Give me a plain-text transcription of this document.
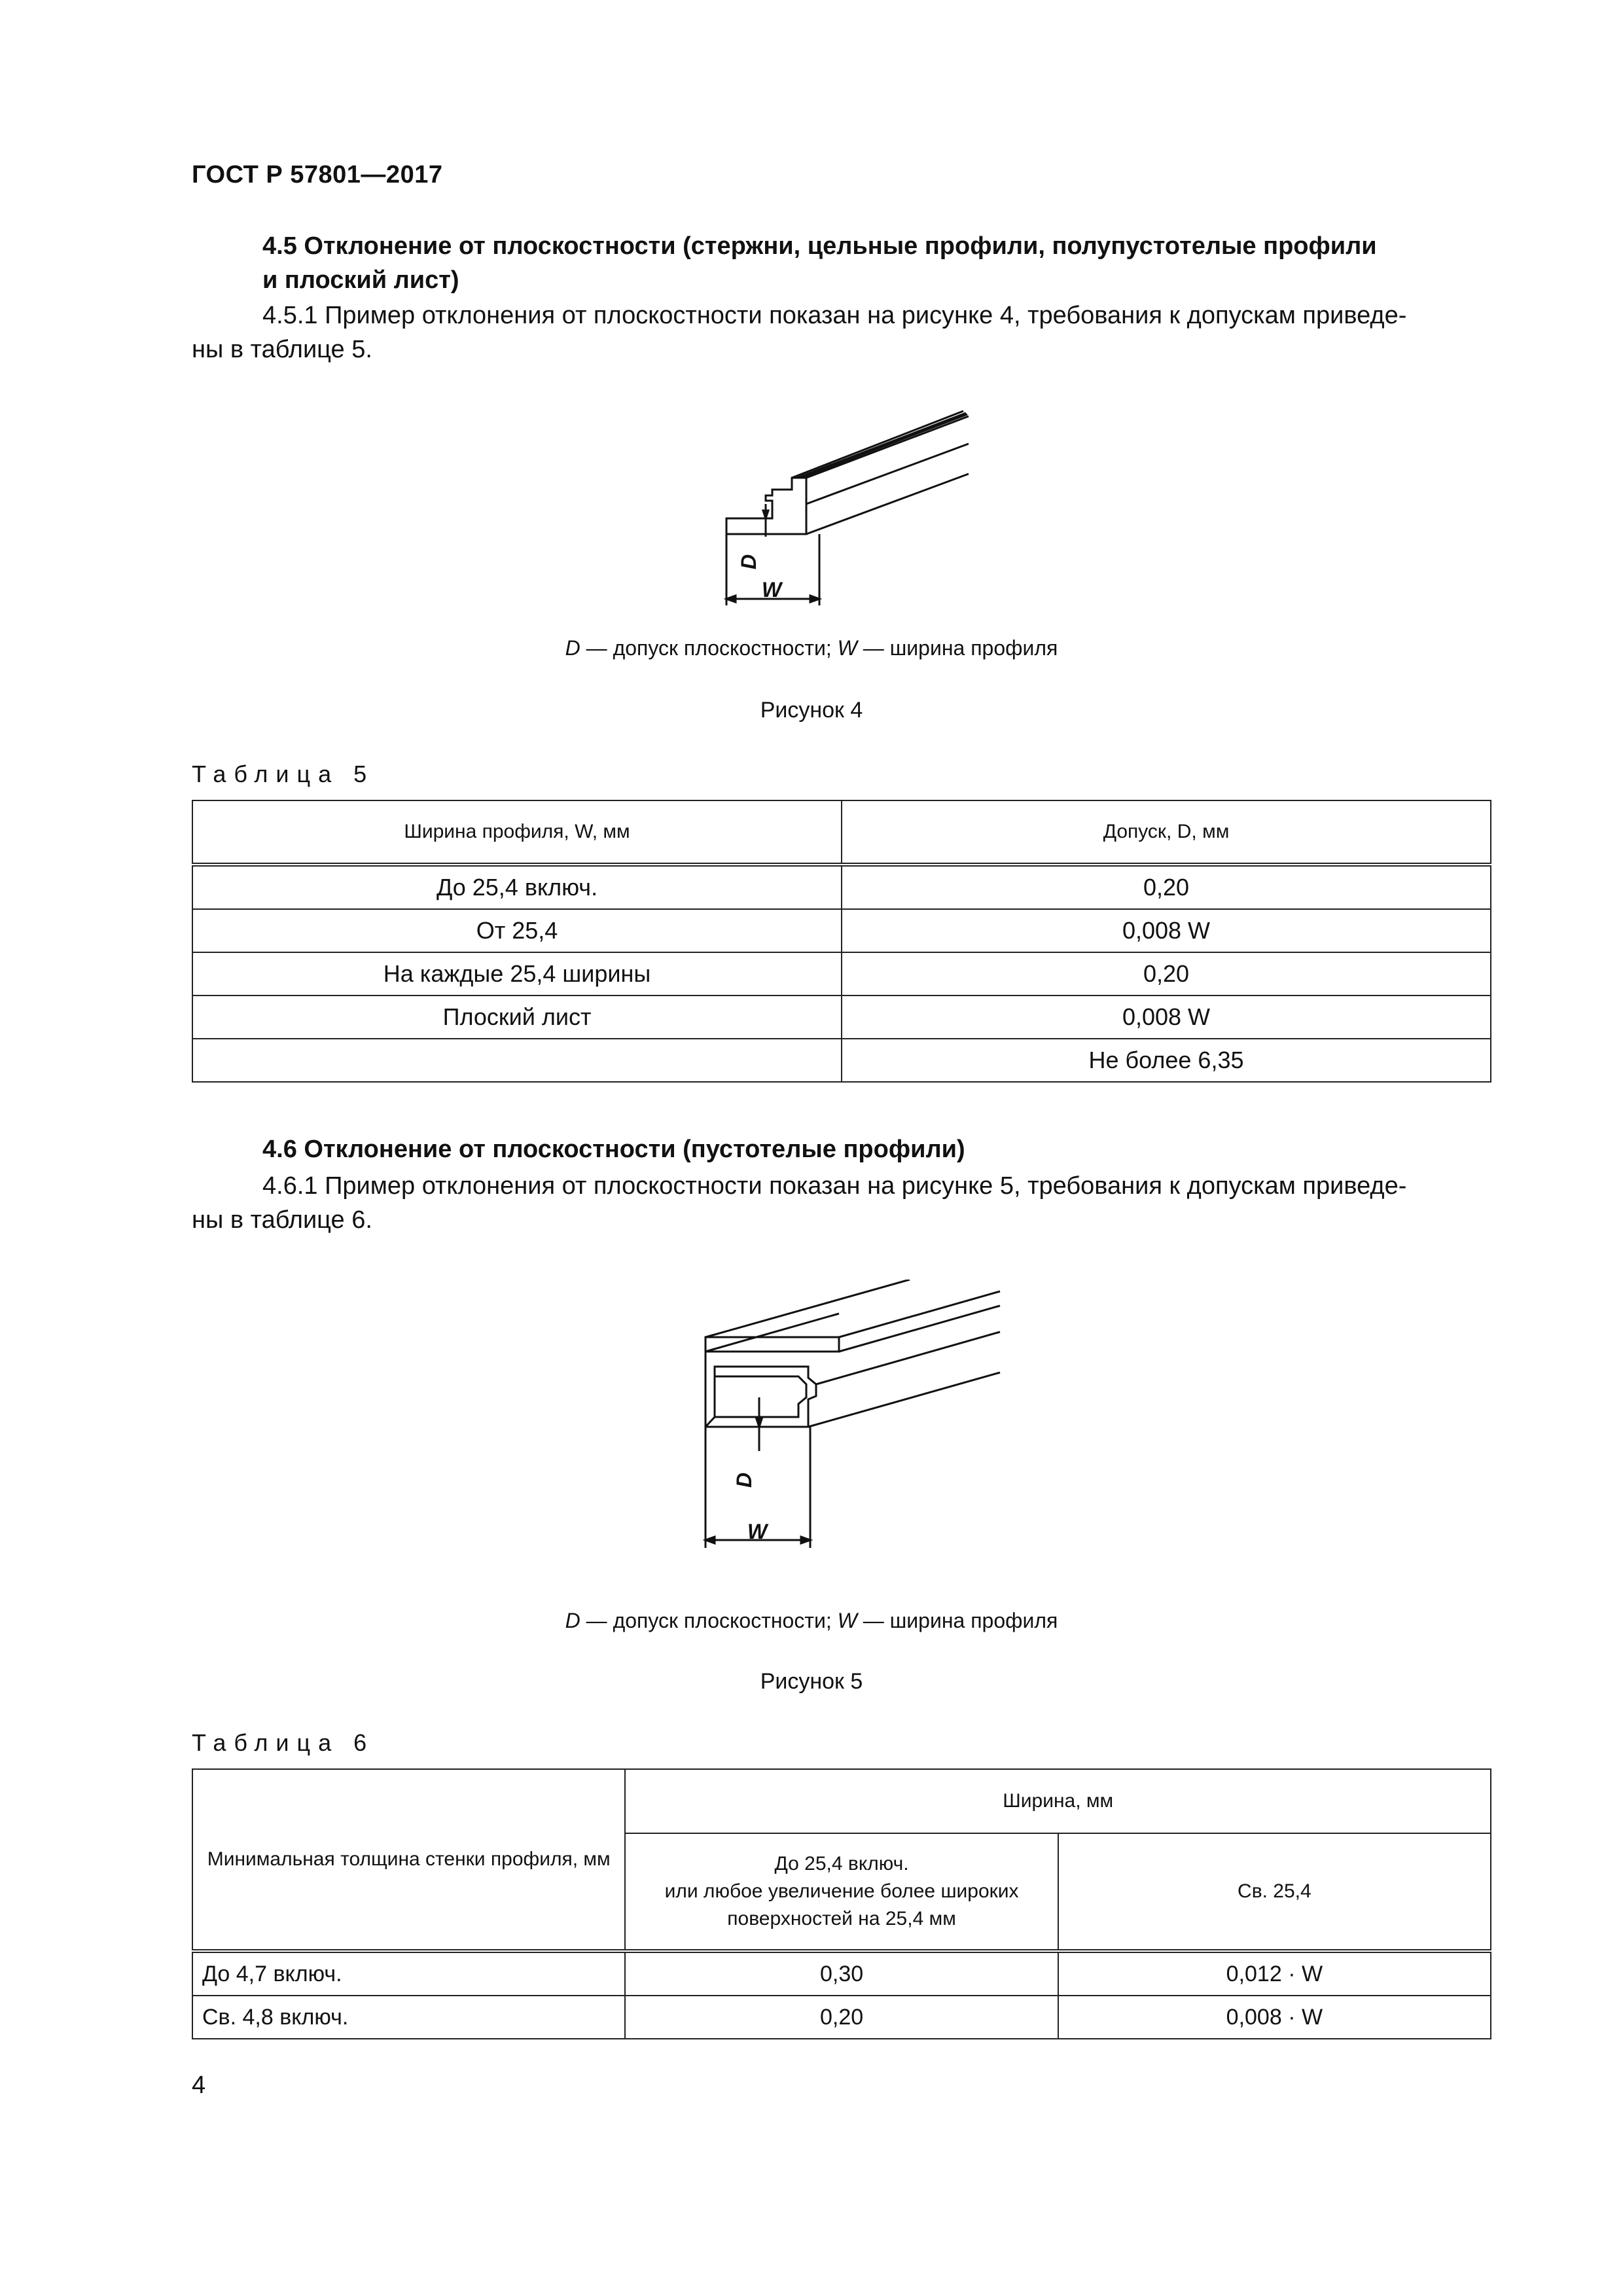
ГОСТ Р 57801—2017
4.5 Отклонение от плоскостности (стержни, цельные профили, полупустотелые профили
и плоский лист)
4.5.1 Пример отклонения от плоскостности показан на рисунке 4, требования к допускам приведе-
ны в таблице 5.
D
W
D — допуск плоскостности; W — ширина профиля
Рисунок 4
Таблица 5
Ширина профиля, W, мм	Допуск, D, мм
До 25,4 включ.	0,20
От 25,4	0,008 W
На каждые 25,4 ширины	0,20
Плоский лист	0,008 W
	Не более 6,35
4.6 Отклонение от плоскостности (пустотелые профили)
4.6.1 Пример отклонения от плоскостности показан на рисунке 5, требования к допускам приведе-
ны в таблице 6.
D
W
D — допуск плоскостности; W — ширина профиля
Рисунок 5
Таблица 6
Минимальная толщина стенки профиля, мм	Ширина, мм	

	До 25,4 включ.
или любое увеличение более широких
поверхностей на 25,4 мм	Св. 25,4
До 4,7 включ.	0,30	0,012 · W
Св. 4,8 включ.	0,20	0,008 · W
4
